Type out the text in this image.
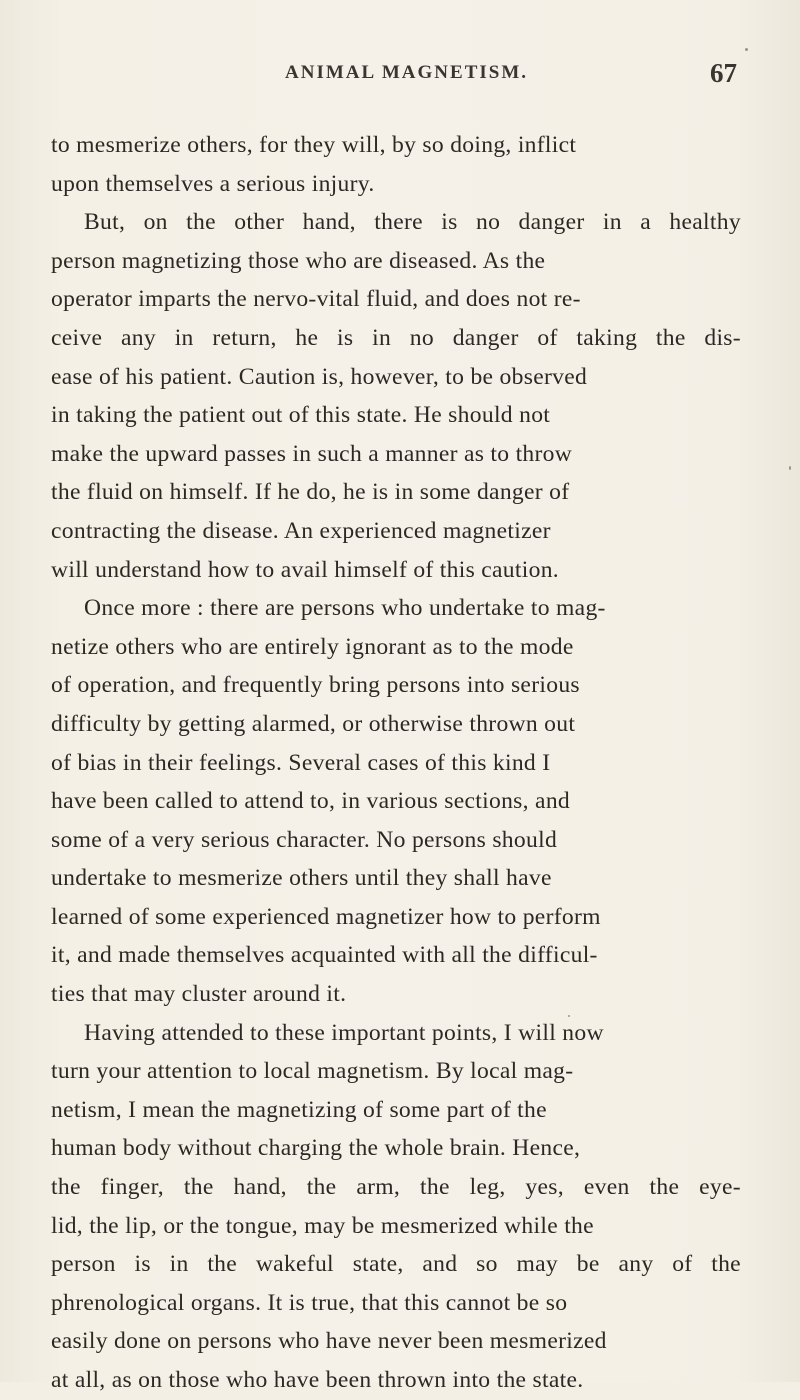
ANIMAL MAGNETISM.	67
to mesmerize others, for they will, by so doing, inflict
upon themselves a serious injury.
But, on the other hand, there is no danger in a healthy
person magnetizing those who are diseased. As the
operator imparts the nervo-vital fluid, and does not re-
ceive any in return, he is in no danger of taking the dis-
ease of his patient. Caution is, however, to be observed
in taking the patient out of this state. He should not
make the upward passes in such a manner as to throw
the fluid on himself. If he do, he is in some danger of
contracting the disease. An experienced magnetizer
will understand how to avail himself of this caution.
Once more : there are persons who undertake to mag-
netize others who are entirely ignorant as to the mode
of operation, and frequently bring persons into serious
difficulty by getting alarmed, or otherwise thrown out
of bias in their feelings. Several cases of this kind I
have been called to attend to, in various sections, and
some of a very serious character. No persons should
undertake to mesmerize others until they shall have
learned of some experienced magnetizer how to perform
it, and made themselves acquainted with all the difficul-
ties that may cluster around it.
Having attended to these important points, I will now
turn your attention to local magnetism. By local mag-
netism, I mean the magnetizing of some part of the
human body without charging the whole brain. Hence,
the finger, the hand, the arm, the leg, yes, even the eye-
lid, the lip, or the tongue, may be mesmerized while the
person is in the wakeful state, and so may be any of the
phrenological organs. It is true, that this cannot be so
easily done on persons who have never been mesmerized
at all, as on those who have been thrown into the state.
